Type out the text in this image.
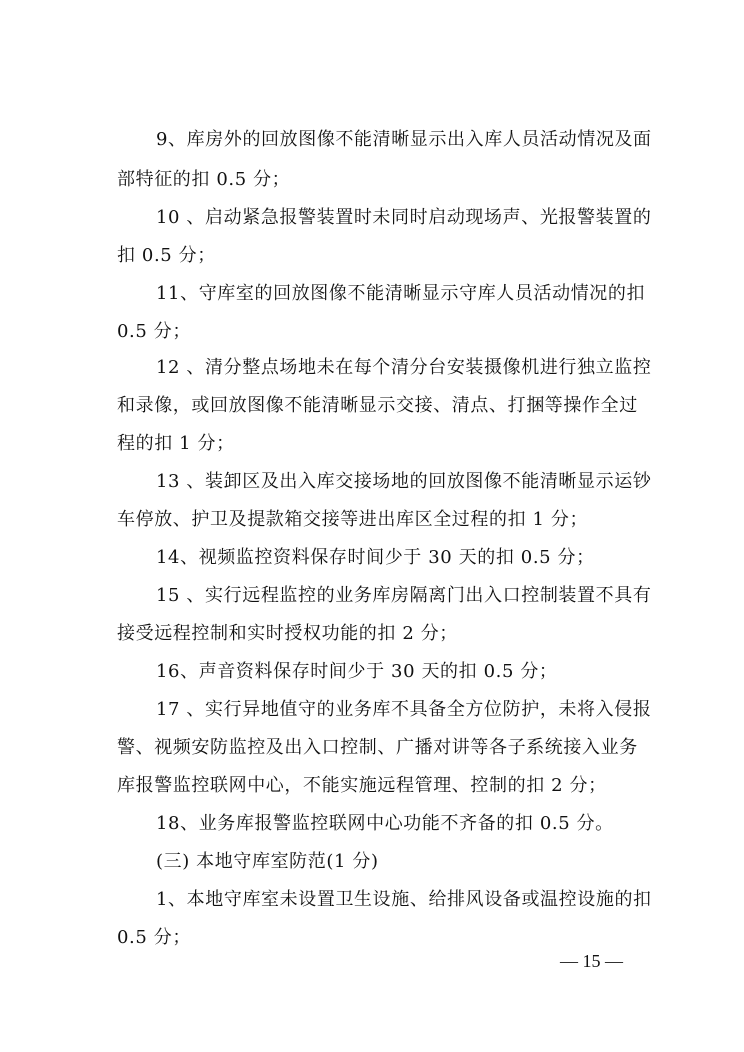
9、库房外的回放图像不能清晰显示出入库人员活动情况及面
部特征的扣 0.5 分；
10 、启动紧急报警装置时未同时启动现场声、光报警装置的
扣 0.5 分；
11、守库室的回放图像不能清晰显示守库人员活动情况的扣
0.5 分；
12 、清分整点场地未在每个清分台安装摄像机进行独立监控
和录像，或回放图像不能清晰显示交接、清点、打捆等操作全过
程的扣 1 分；
13 、装卸区及出入库交接场地的回放图像不能清晰显示运钞
车停放、护卫及提款箱交接等进出库区全过程的扣 1 分；
14、视频监控资料保存时间少于 30 天的扣 0.5 分；
15 、实行远程监控的业务库房隔离门出入口控制装置不具有
接受远程控制和实时授权功能的扣 2 分；
16、声音资料保存时间少于 30 天的扣 0.5 分；
17 、实行异地值守的业务库不具备全方位防护，未将入侵报
警、视频安防监控及出入口控制、广播对讲等各子系统接入业务
库报警监控联网中心，不能实施远程管理、控制的扣 2 分；
18、业务库报警监控联网中心功能不齐备的扣 0.5 分。
(三) 本地守库室防范(1 分)
1、本地守库室未设置卫生设施、给排风设备或温控设施的扣
0.5 分；
— 15 —
